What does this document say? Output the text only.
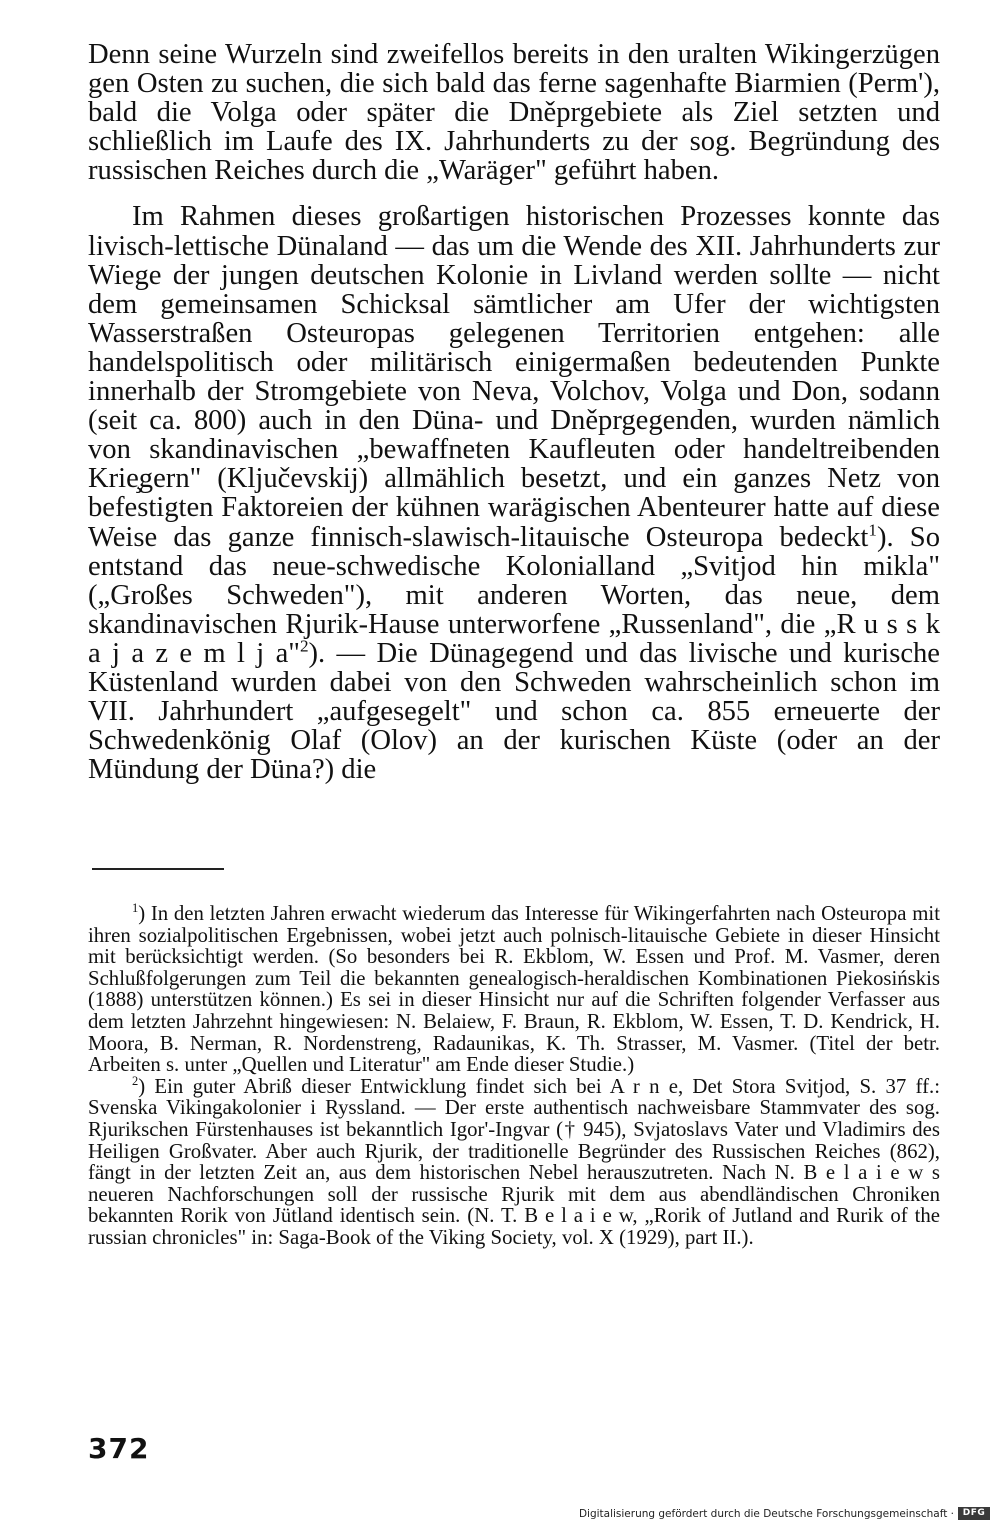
Denn seine Wurzeln sind zweifellos bereits in den uralten Wikingerzügen gen Osten zu suchen, die sich bald das ferne sagenhafte Biarmien (Perm'), bald die Volga oder später die Dněprgebiete als Ziel setzten und schließlich im Laufe des IX. Jahrhunderts zu der sog. Begründung des russischen Reiches durch die „Waräger" geführt haben.

Im Rahmen dieses großartigen historischen Prozesses konnte das livisch-lettische Dünaland — das um die Wende des XII. Jahrhunderts zur Wiege der jungen deutschen Kolonie in Livland werden sollte — nicht dem gemeinsamen Schicksal sämtlicher am Ufer der wichtigsten Wasserstraßen Osteuropas gelegenen Territorien entgehen: alle handelspolitisch oder militärisch einigermaßen bedeutenden Punkte innerhalb der Stromgebiete von Neva, Volchov, Volga und Don, sodann (seit ca. 800) auch in den Düna- und Dněprgegenden, wurden nämlich von skandinavischen „bewaffneten Kaufleuten oder handeltreibenden Krie⁠̧gern" (Ključevskij) allmählich besetzt, und ein ganzes Netz von befestigten Faktoreien der kühnen warägischen Abenteurer hatte auf diese Weise das ganze finnisch-slawisch-litauische Osteuropa bedeckt$^1$). So entstand das neue-schwedische Kolonialland „Svitjod hin mikla" („Großes Schweden"), mit anderen Worten, das neue, dem skandinavischen Rjurik-Hause unterworfene „Russenland", die „R u s s k a j a z e m l j a"$^2$). — Die Dünagegend und das livische und kurische Küstenland wurden dabei von den Schweden wahrscheinlich schon im VII. Jahrhundert „aufgesegelt" und schon ca. 855 erneuerte der Schwedenkönig Olaf (Olov) an der kurischen Küste (oder an der Mündung der Düna?) die

$^1$) In den letzten Jahren erwacht wiederum das Interesse für Wikingerfahrten nach Osteuropa mit ihren sozialpolitischen Ergebnissen, wobei jetzt auch polnisch-litauische Gebiete in dieser Hinsicht mit berücksichtigt werden. (So besonders bei R. Ekblom, W. Essen und Prof. M. Vasmer, deren Schlußfolgerungen zum Teil die bekannten genealogisch-heraldischen Kombinationen Piekosińskis (1888) unterstützen können.) Es sei in dieser Hinsicht nur auf die Schriften folgender Verfasser aus dem letzten Jahrzehnt hingewiesen: N. Belaiew, F. Braun, R. Ekblom, W. Essen, T. D. Kendrick, H. Moora, B. Nerman, R. Nordenstreng, Radaunikas, K. Th. Strasser, M. Vasmer. (Titel der betr. Arbeiten s. unter „Quellen und Literatur" am Ende dieser Studie.)

$^2$) Ein guter Abriß dieser Entwicklung findet sich bei A r n e, Det Stora Svitjod, S. 37 ff.: Svenska Vikingakolonier i Ryssland. — Der erste authentisch nachweisbare Stammvater des sog. Rjurikschen Fürstenhauses ist bekanntlich Igor'-Ingvar († 945), Svjatoslavs Vater und Vladimirs des Heiligen Großvater. Aber auch Rjurik, der traditionelle Begründer des Russischen Reiches (862), fängt in der letzten Zeit an, aus dem historischen Nebel herauszutreten. Nach N. B e l a i e w s neueren Nachforschungen soll der russische Rjurik mit dem aus abendländischen Chroniken bekannten Rorik von Jütland identisch sein. (N. T. B e l a i e w, „Rorik of Jutland and Rurik of the russian chronicles" in: Saga-Book of the Viking Society, vol. X (1929), part II.).

372
Digitalisierung gefördert durch die Deutsche Forschungsgemeinschaft · DFG
